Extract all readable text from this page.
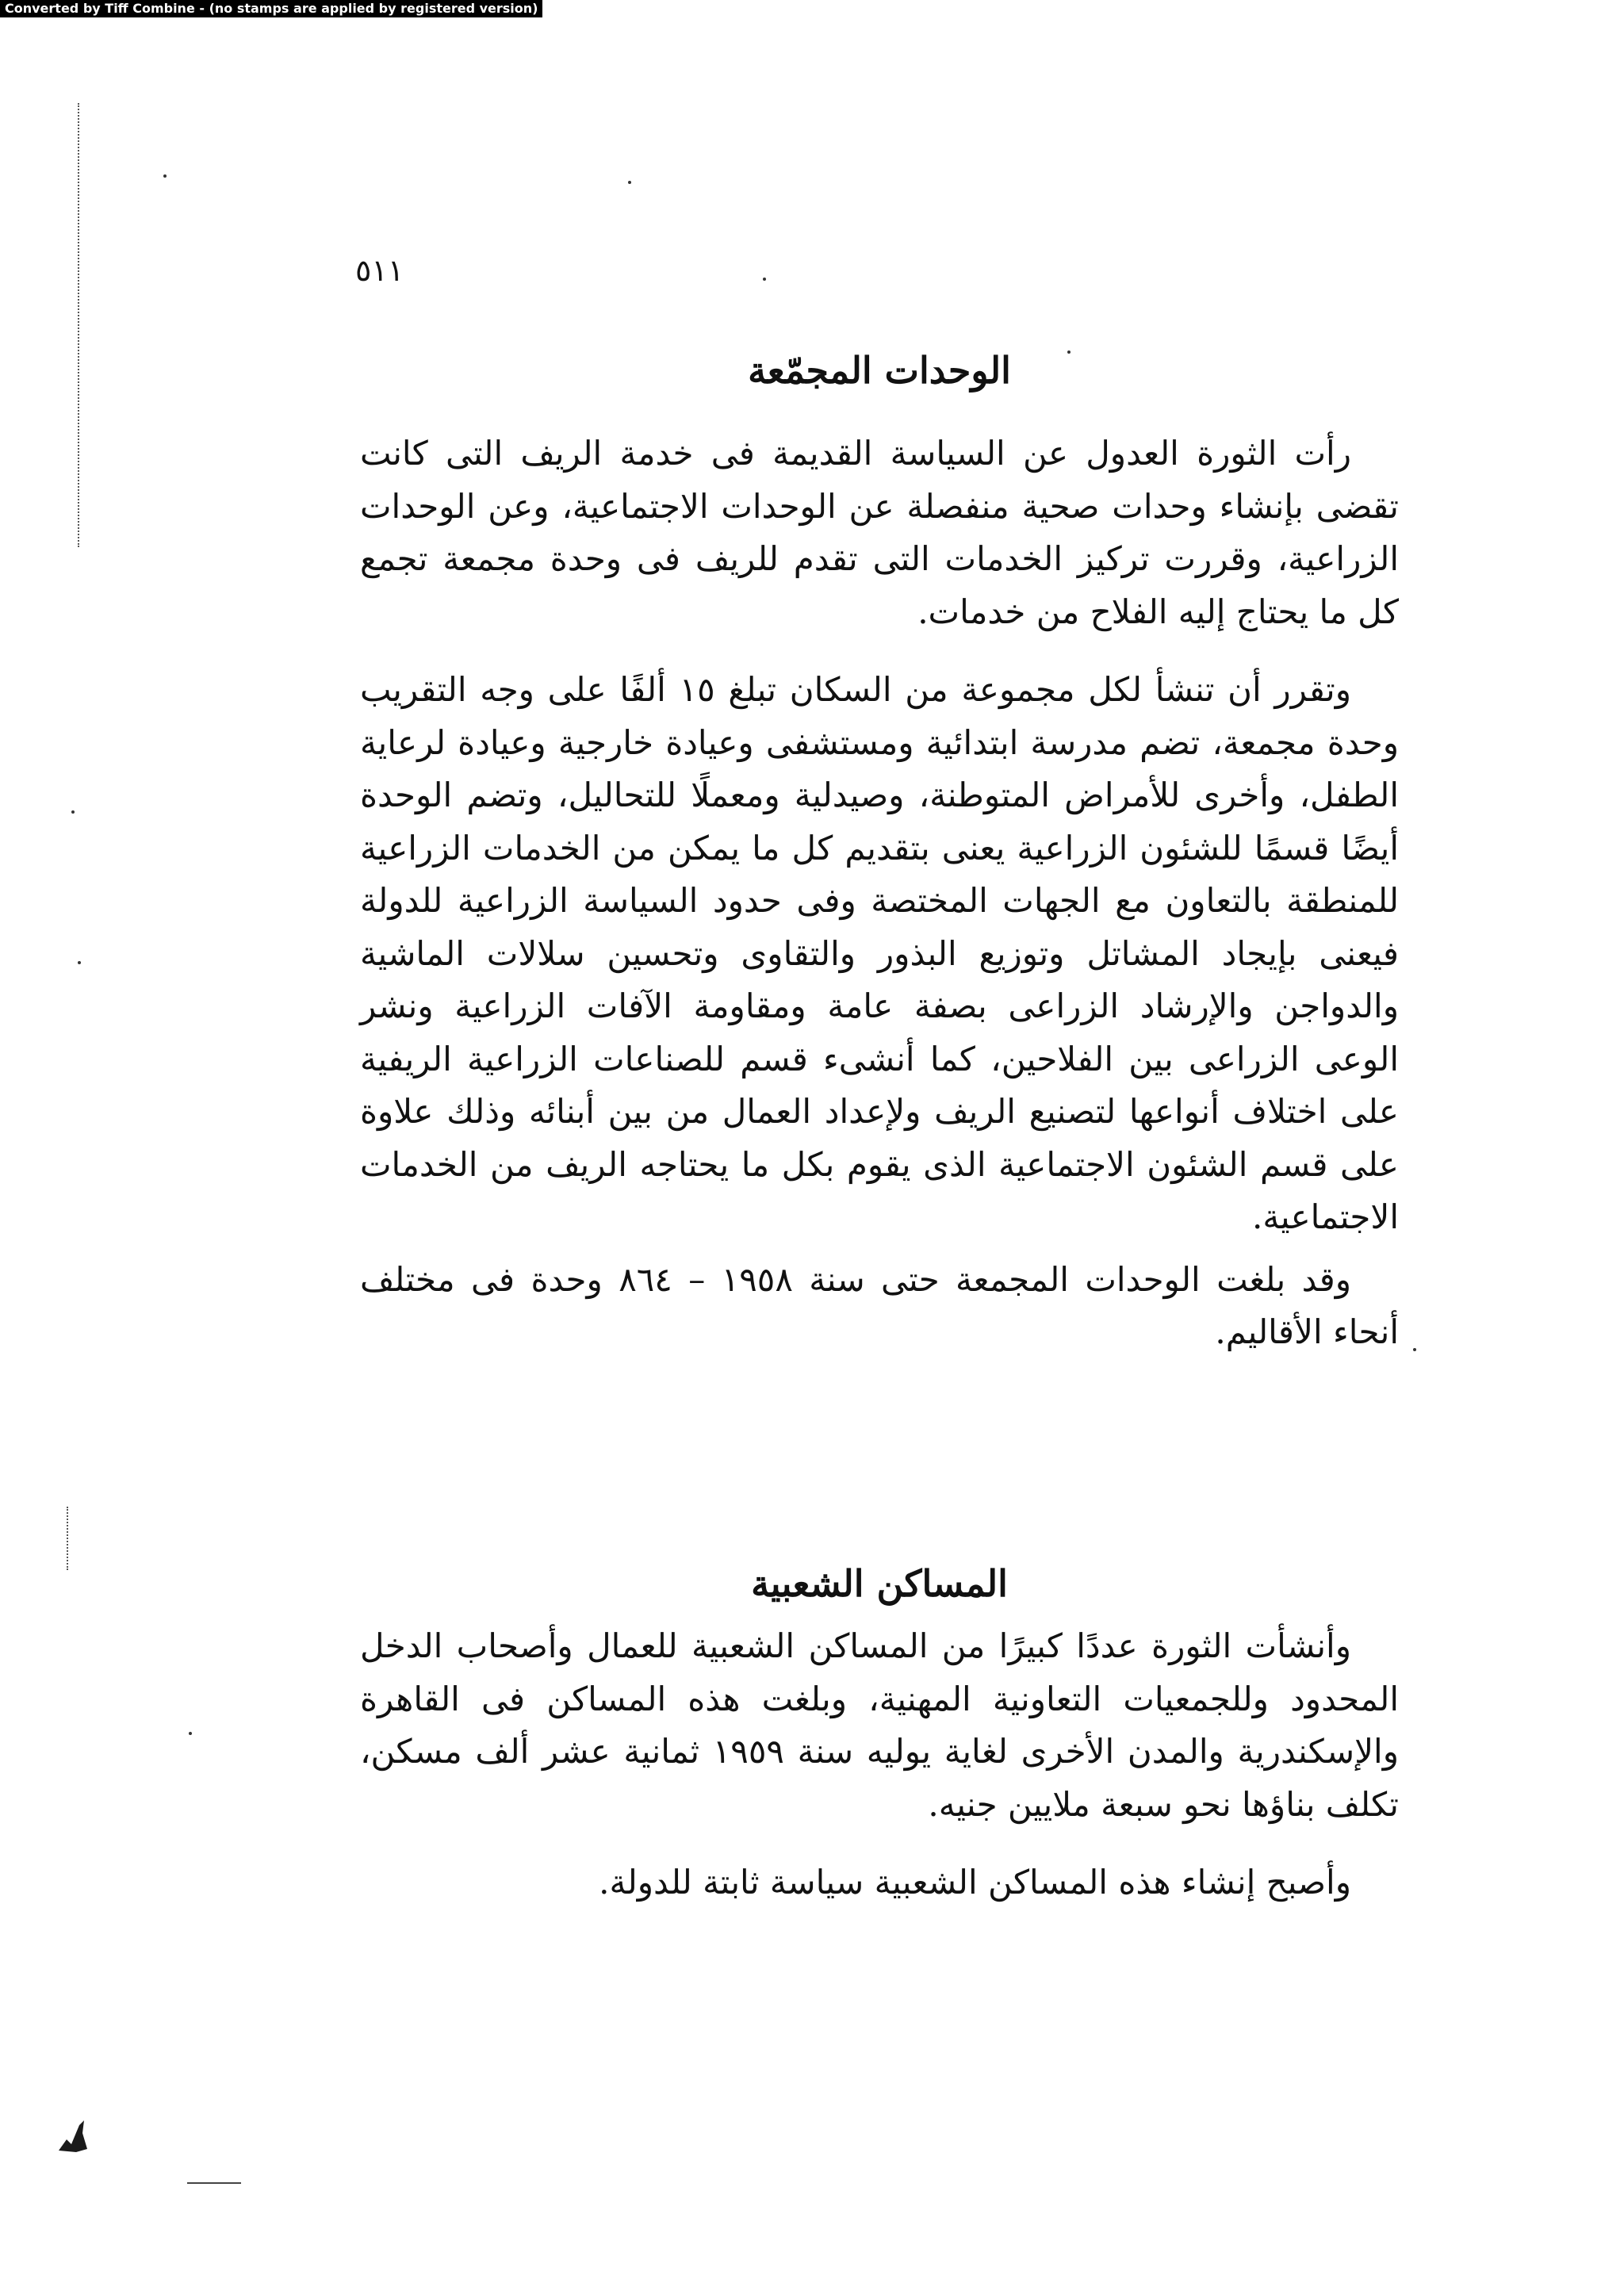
Converted by Tiff Combine - (no stamps are applied by registered version)
٥١١
الوحدات المجمّعة

رأت الثورة العدول عن السياسة القديمة فى خدمة الريف التى كانت تقضى بإنشاء وحدات صحية منفصلة عن الوحدات الاجتماعية، وعن الوحدات الزراعية، وقررت تركيز الخدمات التى تقدم للريف فى وحدة مجمعة تجمع كل ما يحتاج إليه الفلاح من خدمات.

وتقرر أن تنشأ لكل مجموعة من السكان تبلغ ١٥ ألفًا على وجه التقريب وحدة مجمعة، تضم مدرسة ابتدائية ومستشفى وعيادة خارجية وعيادة لرعاية الطفل، وأخرى للأمراض المتوطنة، وصيدلية ومعملًا للتحاليل، وتضم الوحدة أيضًا قسمًا للشئون الزراعية يعنى بتقديم كل ما يمكن من الخدمات الزراعية للمنطقة بالتعاون مع الجهات المختصة وفى حدود السياسة الزراعية للدولة فيعنى بإيجاد المشاتل وتوزيع البذور والتقاوى وتحسين سلالات الماشية والدواجن والإرشاد الزراعى بصفة عامة ومقاومة الآفات الزراعية ونشر الوعى الزراعى بين الفلاحين، كما أنشىء قسم للصناعات الزراعية الريفية على اختلاف أنواعها لتصنيع الريف ولإعداد العمال من بين أبنائه وذلك علاوة على قسم الشئون الاجتماعية الذى يقوم بكل ما يحتاجه الريف من الخدمات الاجتماعية.

وقد بلغت الوحدات المجمعة حتى سنة ١٩٥٨ – ٨٦٤ وحدة فى مختلف أنحاء الأقاليم.

المساكن الشعبية

وأنشأت الثورة عددًا كبيرًا من المساكن الشعبية للعمال وأصحاب الدخل المحدود وللجمعيات التعاونية المهنية، وبلغت هذه المساكن فى القاهرة والإسكندرية والمدن الأخرى لغاية يوليه سنة ١٩٥٩ ثمانية عشر ألف مسكن، تكلف بناؤها نحو سبعة ملايين جنيه.

وأصبح إنشاء هذه المساكن الشعبية سياسة ثابتة للدولة.
